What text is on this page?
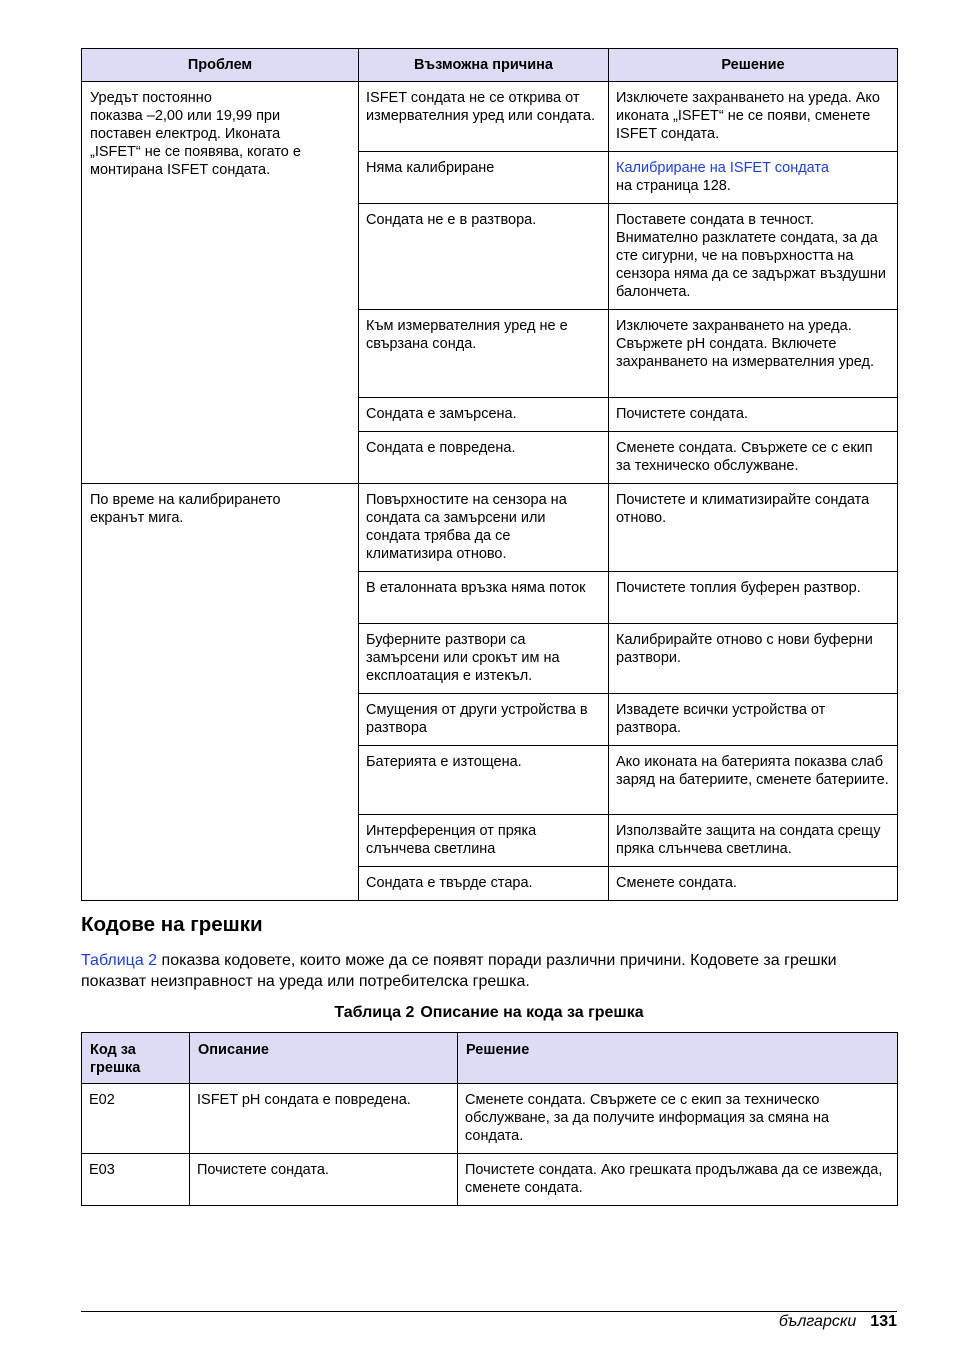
Проблем	Възможна причина	Решение

Уредът постоянно
показва –2,00 или 19,99 при
поставен електрод. Иконата
„ISFET“ не се появява, когато е
монтирана ISFET сондата.	ISFET сондата не се открива от измервателния уред или сондата.	Изключете захранването на уреда. Ако иконата „ISFET“ не се появи, сменете ISFET сондата.
	Няма калибриране	Калибриране на ISFET сондата
на страница 128.
	Сондата не е в разтвора.	Поставете сондата в течност. Внимателно разклатете сондата, за да сте сигурни, че на повърхността на сензора няма да се задържат въздушни балончета.
	Към измервателния уред не е свързана сонда.	Изключете захранването на уреда. Свържете pH сондата. Включете захранването на измервателния уред.
	Сондата е замърсена.	Почистете сондата.
	Сондата е повредена.	Сменете сондата. Свържете се с екип за техническо обслужване.

По време на калибрирането
екранът мига.	Повърхностите на сензора на сондата са замърсени или сондата трябва да се климатизира отново.	Почистете и климатизирайте сондата отново.
	В еталонната връзка няма поток	Почистете топлия буферен разтвор.
	Буферните разтвори са замърсени или срокът им на експлоатация е изтекъл.	Калибрирайте отново с нови буферни разтвори.
	Смущения от други устройства в разтвора	Извадете всички устройства от разтвора.
	Батерията е изтощена.	Ако иконата на батерията показва слаб заряд на батериите, сменете батериите.
	Интерференция от пряка слънчева светлина	Използвайте защита на сондата срещу пряка слънчева светлина.
	Сондата е твърде стара.	Сменете сондата.
Кодове на грешки

Таблица 2 показва кодовете, които може да се появят поради различни причини. Кодовете за грешки показват неизправност на уреда или потребителска грешка.

Таблица 2 Описание на кода за грешка
Код за грешка	Описание	Решение
E02	ISFET pH сондата е повредена.	Сменете сондата. Свържете се с екип за техническо обслужване, за да получите информация за смяна на сондата.
E03	Почистете сондата.	Почистете сондата. Ако грешката продължава да се извежда, сменете сондата.
български 131
